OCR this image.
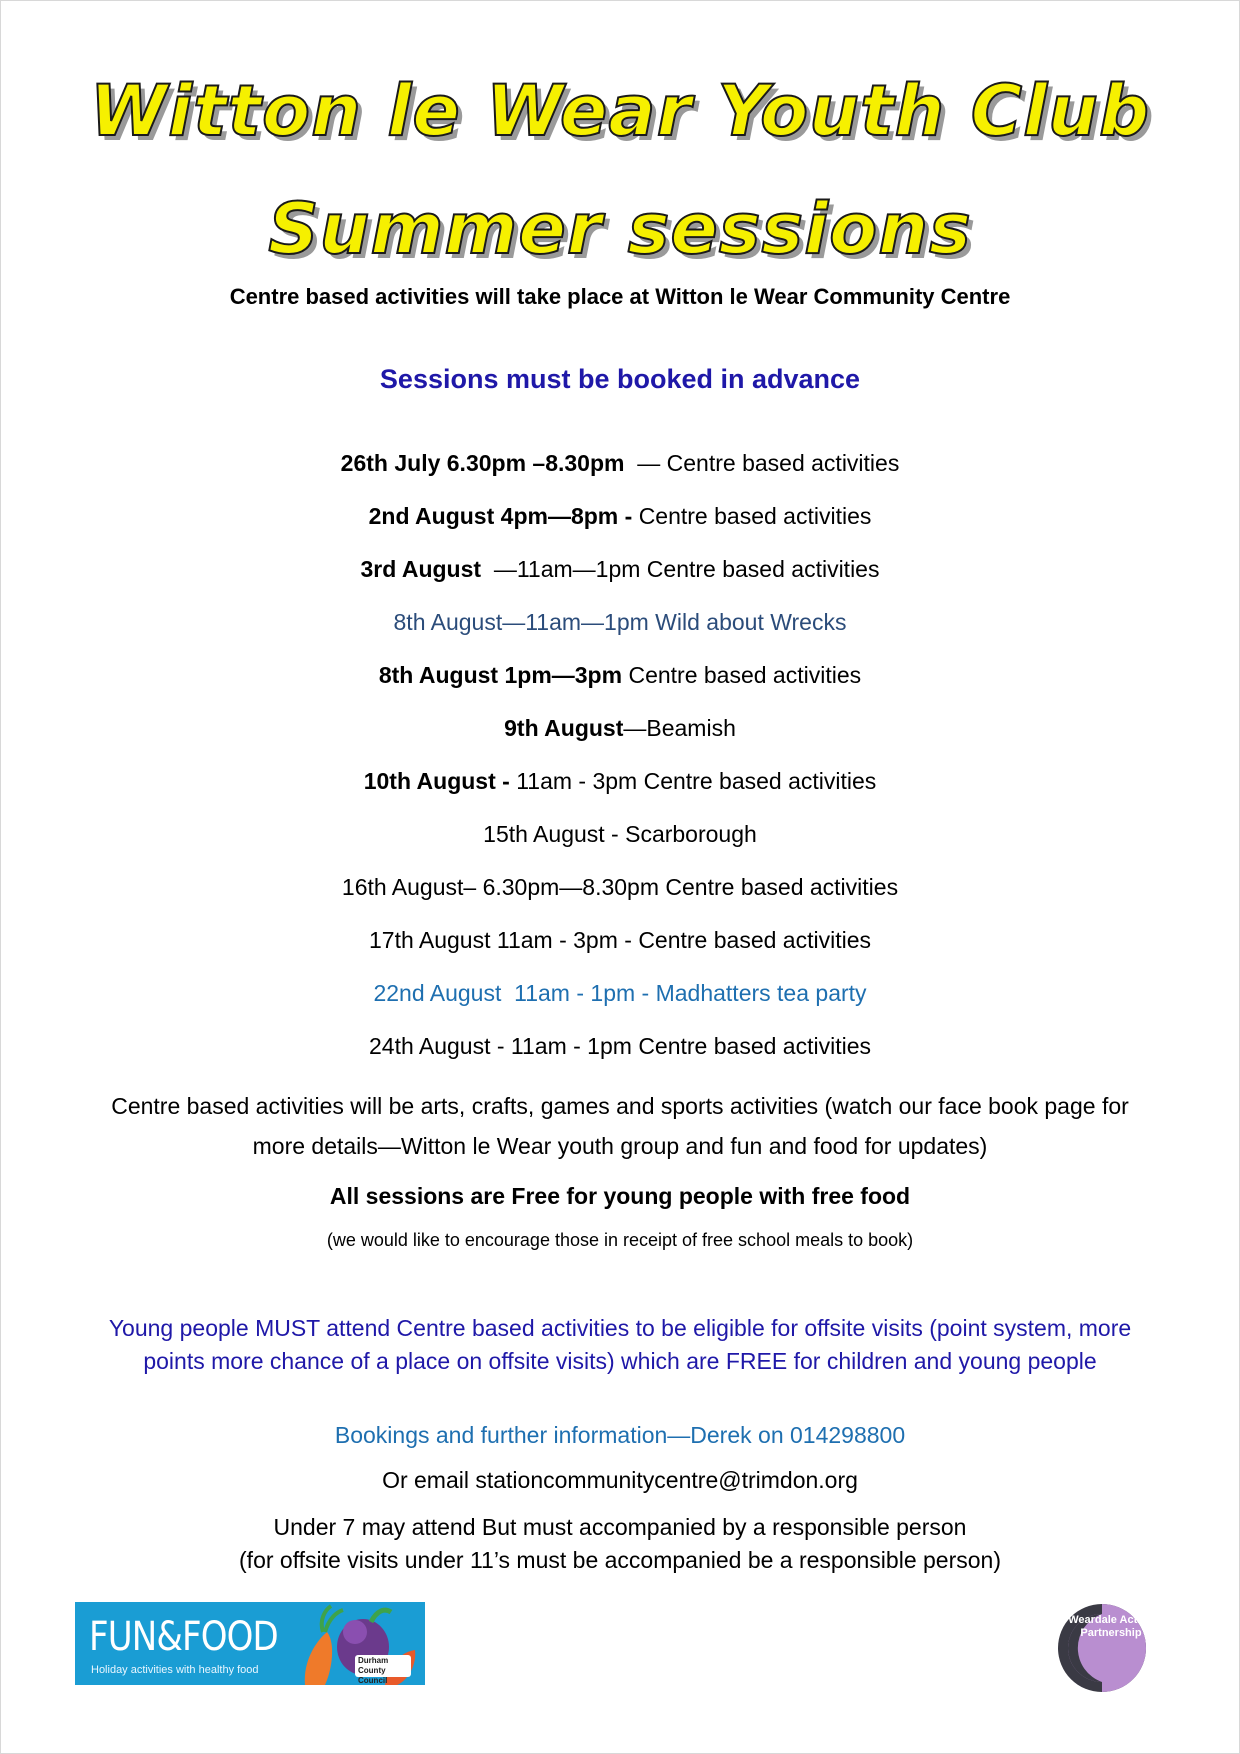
Witton le Wear Youth Club
Summer sessions
Centre based activities will take place at Witton le Wear Community Centre
Sessions must be booked in advance
26th July 6.30pm –8.30pm  — Centre based activities
2nd August 4pm—8pm - Centre based activities
3rd August  —11am—1pm Centre based activities
8th August—11am—1pm Wild about Wrecks
8th August 1pm—3pm Centre based activities
9th August—Beamish
10th August - 11am - 3pm Centre based activities
15th August - Scarborough
16th August– 6.30pm—8.30pm Centre based activities
17th August 11am - 3pm - Centre based activities
22nd August  11am - 1pm - Madhatters tea party
24th August - 11am - 1pm Centre based activities
Centre based activities will be arts, crafts, games and sports activities (watch our face book page for more details—Witton le Wear youth group and fun and food for updates)
All sessions are Free for young people with free food
(we would like to encourage those in receipt of free school meals to book)
Young people MUST attend Centre based activities to be eligible for offsite visits (point system, more points more chance of a place on offsite visits) which are FREE for children and young people
Bookings and further information—Derek on 014298800
Or email stationcommunitycentre@trimdon.org
Under 7 may attend But must accompanied by a responsible person
(for offsite visits under 11’s must be accompanied be a responsible person)
FUN&FOOD
Holiday activities with healthy food
Durham County Council
Weardale Action Partnership
